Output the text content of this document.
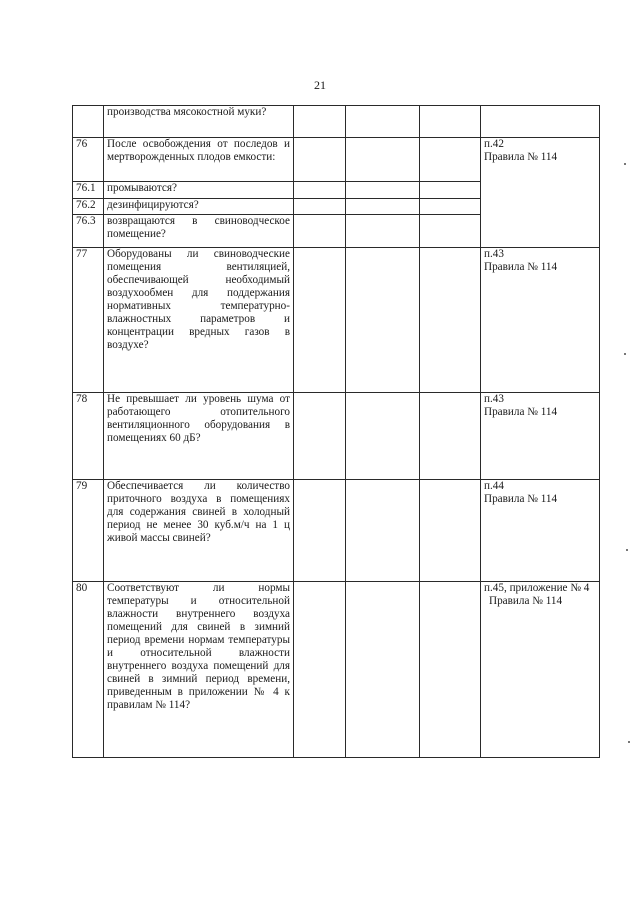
21

	производства мясокостной муки?				

76	После освобождения от последов и мертворожденных плодов емкости:				п.42
Правила № 114

76.1	промываются?				

76.2	дезинфицируются?				

76.3	возвращаются в свиноводческое помещение?				

77	Оборудованы ли свиноводческие помещения вентиляцией, обеспечивающей необходимый воздухообмен для поддержания нормативных температурно-влажностных параметров и концентрации вредных газов в воздухе?				п.43
Правила № 114

78	Не превышает ли уровень шума от работающего отопительного вентиляционного оборудования в помещениях 60 дБ?				п.43
Правила № 114

79	Обеспечивается ли количество приточного воздуха в помещениях для содержания свиней в холодный период не менее 30 куб.м/ч на 1 ц живой массы свиней?				п.44
Правила № 114

80	Соответствуют ли нормы температуры и относительной влажности внутреннего воздуха помещений для свиней в зимний период времени нормам температуры и относительной влажности внутреннего воздуха помещений для свиней в зимний период времени, приведенным в приложении № 4 к правилам № 114?				п.45, приложение № 4
Правила № 114
